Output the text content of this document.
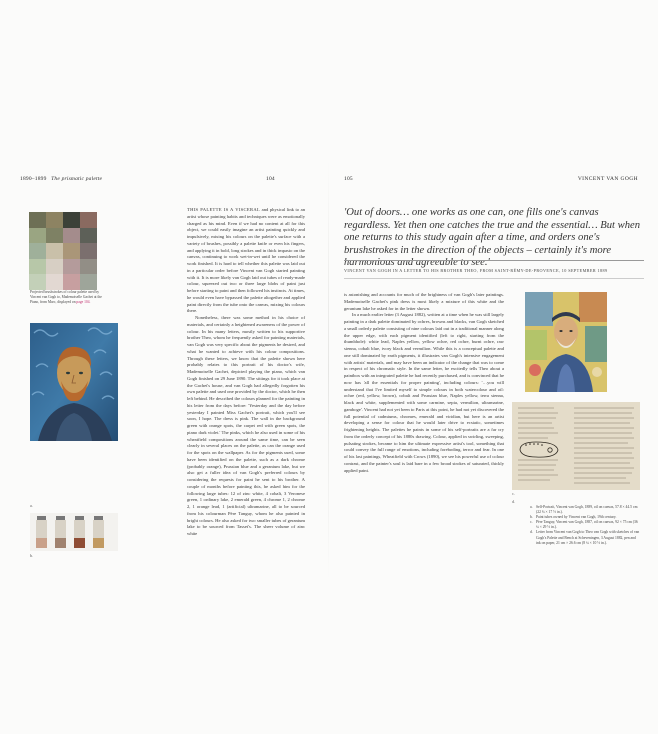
1890–1899 The prismatic palette	104
Projected brushstrokes of colour palette used by Vincent van Gogh to, Mademoiselle Gachet at the Piano, from Marc, displayed on page 104.
a.
b.

THIS PALETTE IS A VISCERAL and physical link to an artist whose painting habits and techniques were as emotionally charged as his mind. Even if we had no content at all for this object, we could easily imagine an artist painting quickly and impulsively, mixing his colours on the palette's surface with a variety of brushes, possibly a palette knife or even his fingers, and applying it in bold, long strokes and in thick impasto on the canvas, continuing to work wet-in-wet until he considered the work finished. It is hard to tell whether this palette was laid out in a particular order before Vincent van Gogh started painting with it. It is more likely van Gogh laid out tubes of ready-made colour, squeezed out two or three large blobs of paint just before starting to paint and then followed his instincts. At times, he would even have bypassed the palette altogether and applied paint directly from the tube onto the canvas, mixing his colours there.

Nonetheless, there was some method in his choice of materials, and certainly a heightened awareness of the power of colour. In his many letters, mostly written to his supportive brother Theo, whom he frequently asked for painting materials, van Gogh was very specific about the pigments he desired, and what he wanted to achieve with his colour compositions. Through these letters, we know that the palette shown here probably relates to this portrait of his doctor's wife, Mademoiselle Gachet, depicted playing the piano, which van Gogh finished on 29 June 1890. The sittings for it took place at the Gachet's house, and van Gogh had allegedly forgotten his own palette and used one provided by the doctor, which he then left behind. He described the colours planned for the painting in his letter from the days before: 'Yesterday and the day before yesterday I painted Miss Gachet's portrait, which you'll see soon, I hope. The dress is pink. The wall in the background green with orange spots, the carpet red with green spots, the piano dark violet.' The pinks, which he also used in some of his wheatfield compositions around the same time, can be seen clearly in several places on the palette, as can the orange used for the spots on the wallpaper. As for the pigments used, some have been identified on the palette, such as a dark chrome (probably orange), Prussian blue and a geranium lake, but we also get a fuller idea of van Gogh's preferred colours by considering the requests for paint he sent to his brother. A couple of months before painting this, he asked him for the following large tubes: 12 of zinc white, 4 cobalt, 3 Veronese green, 1 ordinary lake, 2 emerald green, 4 chrome 1, 2 chrome 2, 1 orange lead, 1 (artificial) ultramarine, all to be sourced from his colourman Père Tanguy, whom he also painted in bright colours. He also asked for two smaller tubes of geranium lake to be sourced from Tasset's. The sheer volume of zinc white

105	VINCENT VAN GOGH
'Out of doors… one works as one can, one fills one's canvas regardless. Yet then one catches the true and the essential… But when one returns to this study again after a time, and orders one's brushstrokes in the direction of the objects – certainly it's more harmonious and agreeable to see.'
VINCENT VAN GOGH IN A LETTER TO HIS BROTHER THEO, FROM SAINT-RÉMY-DE-PROVENCE, 10 SEPTEMBER 1889

is astonishing and accounts for much of the brightness of van Gogh's later paintings. Mademoiselle Gachet's pink dress is most likely a mixture of this white and the geranium lake he asked for in the letter shown.

In a much earlier letter (3 August 1882), written at a time when he was still largely painting in a dark palette dominated by ochres, browns and blacks, van Gogh sketched a small orderly palette consisting of nine colours laid out in a traditional manner along the upper edge, with each pigment identified (left to right, starting from the thumbhole): white lead, Naples yellow, yellow ochre, red ochre, burnt ochre, raw sienna, cobalt blue, ivory black and vermilion. While this is a conceptual palette and one still dominated by earth pigments, it illustrates van Gogh's intensive engagement with artists' materials, and may have been an indicator of the change that was to come in respect of his chromatic style. In the same letter, he excitedly tells Theo about a paintbox with an integrated palette he had recently purchased, and is convinced that he now has 'all the essentials for proper painting', including colours: '…you will understand that I've limited myself to simple colours in both watercolour and oil: ochre (red, yellow, brown), cobalt and Prussian blue, Naples yellow, terra sienna, black and white, supplemented with some carmine, sepia, vermilion, ultramarine, gamboge'. Vincent had not yet been to Paris at this point, he had not yet discovered the full potential of cadmiums, chromes, emerald and viridian, but here is an artist developing a sense for colour that he would later drive to ecstatic, sometimes frightening heights. The palettes he paints in some of his self-portraits are a far cry from the orderly concept of his 1880s drawing. Colour, applied in swirling, sweeping, pulsating strokes, became to him the ultimate expressive artist's tool, something that could convey the full range of emotions, including foreboding, terror and fear. In one of his last paintings, Wheatfield with Crows (1890), we see his powerful use of colour contrast, and the painter's soul is laid bare in a few broad strokes of saturated, thickly applied paint.

c.
d.
a. Self-Portrait, Vincent van Gogh, 1889, oil on canvas, 57.8 × 44.5 cm (22 ¾ × 17 ½ in.).
b. Paint tubes owned by Vincent van Gogh, 19th century.
c. Père Tanguy, Vincent van Gogh, 1887, oil on canvas, 92 × 75 cm (36 ¼ × 29 ½ in.).
d. Letter from Vincent van Gogh to Theo van Gogh with sketches of van Gogh's Palette and Bench at Scheveningen, 3 August 1882, pen and ink on paper, 21 cm × 26.6 cm (8 ¼ × 10 ½ in.).
